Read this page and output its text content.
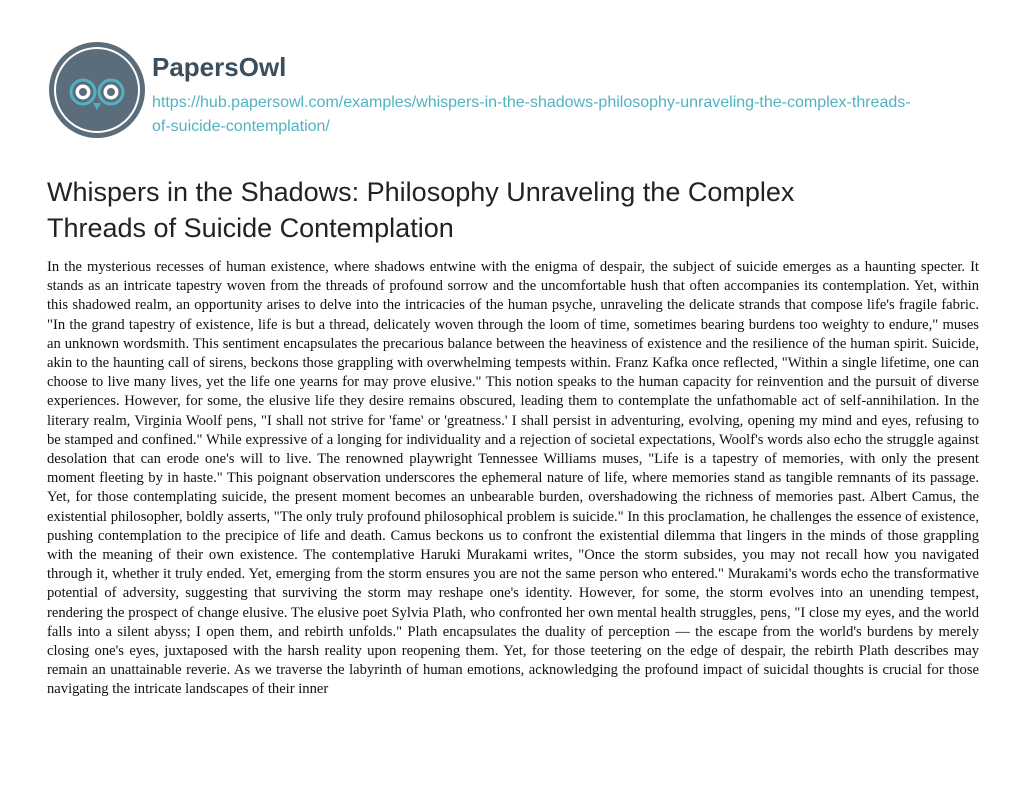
PapersOwl
https://hub.papersowl.com/examples/whispers-in-the-shadows-philosophy-unraveling-the-complex-threads-of-suicide-contemplation/
Whispers in the Shadows: Philosophy Unraveling the Complex Threads of Suicide Contemplation

In the mysterious recesses of human existence, where shadows entwine with the enigma of despair, the subject of suicide emerges as a haunting specter. It stands as an intricate tapestry woven from the threads of profound sorrow and the uncomfortable hush that often accompanies its contemplation. Yet, within this shadowed realm, an opportunity arises to delve into the intricacies of the human psyche, unraveling the delicate strands that compose life's fragile fabric. "In the grand tapestry of existence, life is but a thread, delicately woven through the loom of time, sometimes bearing burdens too weighty to endure," muses an unknown wordsmith. This sentiment encapsulates the precarious balance between the heaviness of existence and the resilience of the human spirit. Suicide, akin to the haunting call of sirens, beckons those grappling with overwhelming tempests within. Franz Kafka once reflected, "Within a single lifetime, one can choose to live many lives, yet the life one yearns for may prove elusive." This notion speaks to the human capacity for reinvention and the pursuit of diverse experiences. However, for some, the elusive life they desire remains obscured, leading them to contemplate the unfathomable act of self-annihilation. In the literary realm, Virginia Woolf pens, "I shall not strive for 'fame' or 'greatness.' I shall persist in adventuring, evolving, opening my mind and eyes, refusing to be stamped and confined." While expressive of a longing for individuality and a rejection of societal expectations, Woolf's words also echo the struggle against desolation that can erode one's will to live. The renowned playwright Tennessee Williams muses, "Life is a tapestry of memories, with only the present moment fleeting by in haste." This poignant observation underscores the ephemeral nature of life, where memories stand as tangible remnants of its passage. Yet, for those contemplating suicide, the present moment becomes an unbearable burden, overshadowing the richness of memories past. Albert Camus, the existential philosopher, boldly asserts, "The only truly profound philosophical problem is suicide." In this proclamation, he challenges the essence of existence, pushing contemplation to the precipice of life and death. Camus beckons us to confront the existential dilemma that lingers in the minds of those grappling with the meaning of their own existence. The contemplative Haruki Murakami writes, "Once the storm subsides, you may not recall how you navigated through it, whether it truly ended. Yet, emerging from the storm ensures you are not the same person who entered." Murakami's words echo the transformative potential of adversity, suggesting that surviving the storm may reshape one's identity. However, for some, the storm evolves into an unending tempest, rendering the prospect of change elusive. The elusive poet Sylvia Plath, who confronted her own mental health struggles, pens, "I close my eyes, and the world falls into a silent abyss; I open them, and rebirth unfolds." Plath encapsulates the duality of perception — the escape from the world's burdens by merely closing one's eyes, juxtaposed with the harsh reality upon reopening them. Yet, for those teetering on the edge of despair, the rebirth Plath describes may remain an unattainable reverie. As we traverse the labyrinth of human emotions, acknowledging the profound impact of suicidal thoughts is crucial for those navigating the intricate landscapes of their inner
